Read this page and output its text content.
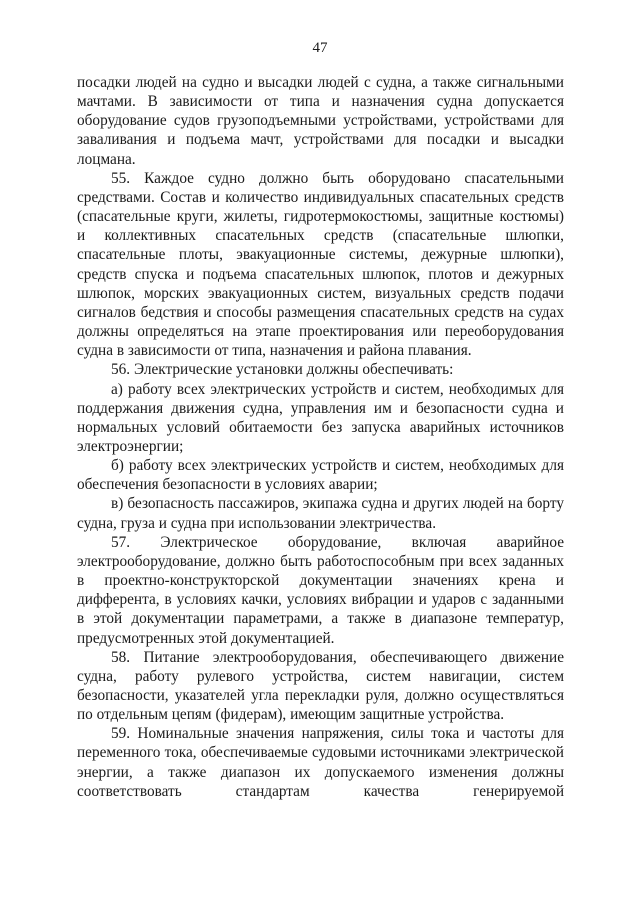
47

посадки людей на судно и высадки людей с судна, а также сигнальными мачтами. В зависимости от типа и назначения судна допускается оборудование судов грузоподъемными устройствами, устройствами для заваливания и подъема мачт, устройствами для посадки и высадки лоцмана.

55. Каждое судно должно быть оборудовано спасательными средствами. Состав и количество индивидуальных спасательных средств (спасательные круги, жилеты, гидротермокостюмы, защитные костюмы) и коллективных спасательных средств (спасательные шлюпки, спасательные плоты, эвакуационные системы, дежурные шлюпки), средств спуска и подъема спасательных шлюпок, плотов и дежурных шлюпок, морских эвакуационных систем, визуальных средств подачи сигналов бедствия и способы размещения спасательных средств на судах должны определяться на этапе проектирования или переоборудования судна в зависимости от типа, назначения и района плавания.

56. Электрические установки должны обеспечивать:

а) работу всех электрических устройств и систем, необходимых для поддержания движения судна, управления им и безопасности судна и нормальных условий обитаемости без запуска аварийных источников электроэнергии;

б) работу всех электрических устройств и систем, необходимых для обеспечения безопасности в условиях аварии;

в) безопасность пассажиров, экипажа судна и других людей на борту судна, груза и судна при использовании электричества.

57. Электрическое оборудование, включая аварийное электрооборудование, должно быть работоспособным при всех заданных в проектно-конструкторской документации значениях крена и дифферента, в условиях качки, условиях вибрации и ударов с заданными в этой документации параметрами, а также в диапазоне температур, предусмотренных этой документацией.

58. Питание электрооборудования, обеспечивающего движение судна, работу рулевого устройства, систем навигации, систем безопасности, указателей угла перекладки руля, должно осуществляться по отдельным цепям (фидерам), имеющим защитные устройства.

59. Номинальные значения напряжения, силы тока и частоты для переменного тока, обеспечиваемые судовыми источниками электрической энергии, а также диапазон их допускаемого изменения должны соответствовать стандартам качества генерируемой
